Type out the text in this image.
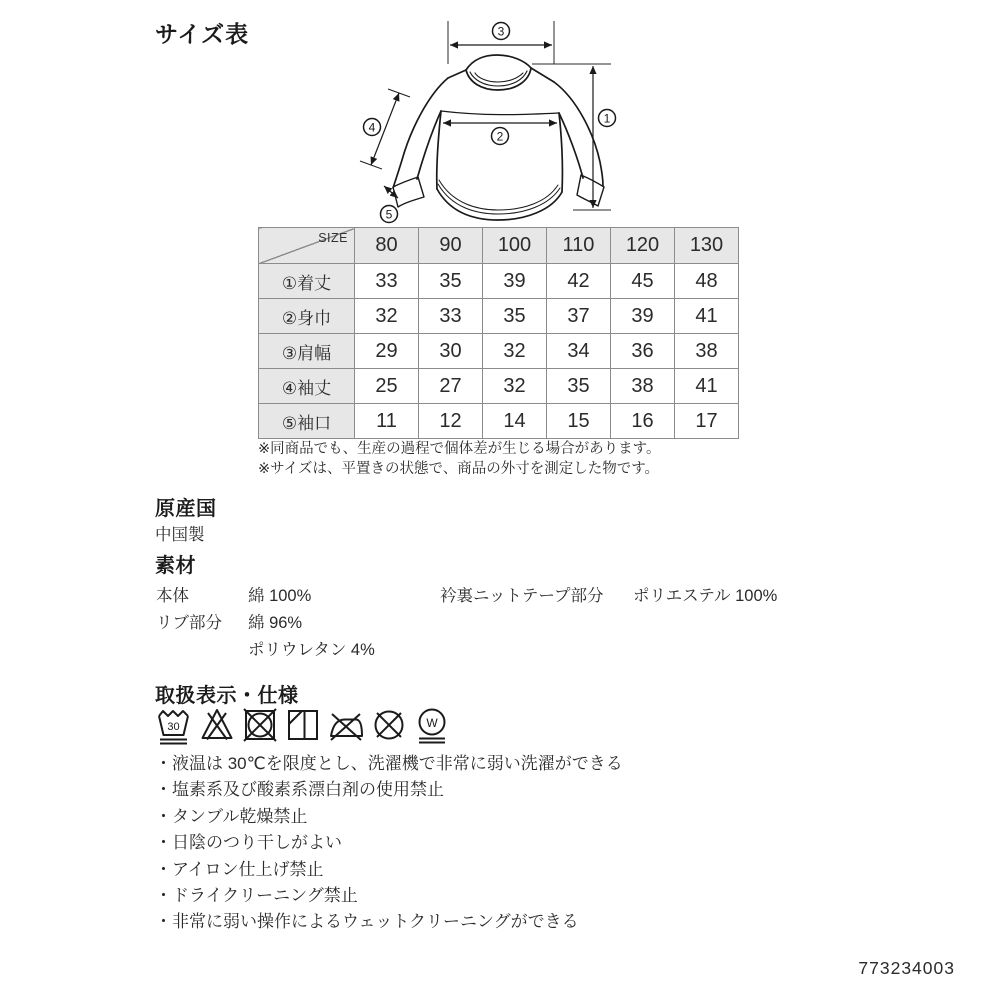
サイズ表	3
1
2
4
5
SIZE	80	90	100	110	120	130
①着丈	33	35	39	42	45	48
②身巾	32	33	35	37	39	41
③肩幅	29	30	32	34	36	38
④袖丈	25	27	32	35	38	41
⑤袖口	11	12	14	15	16	17
※同商品でも、生産の過程で個体差が生じる場合があります。
※サイズは、平置きの状態で、商品の外寸を測定した物です。
原産国
中国製
素材
本体	綿 100%	衿裏ニットテープ部分 ポリエステル 100%
リブ部分 綿 96%
ポリウレタン 4%
取扱表示・仕様
30	W
・液温は 30℃を限度とし、洗濯機で非常に弱い洗濯ができる
・塩素系及び酸素系漂白剤の使用禁止
・タンブル乾燥禁止
・日陰のつり干しがよい
・アイロン仕上げ禁止
・ドライクリーニング禁止
・非常に弱い操作によるウェットクリーニングができる
773234003
